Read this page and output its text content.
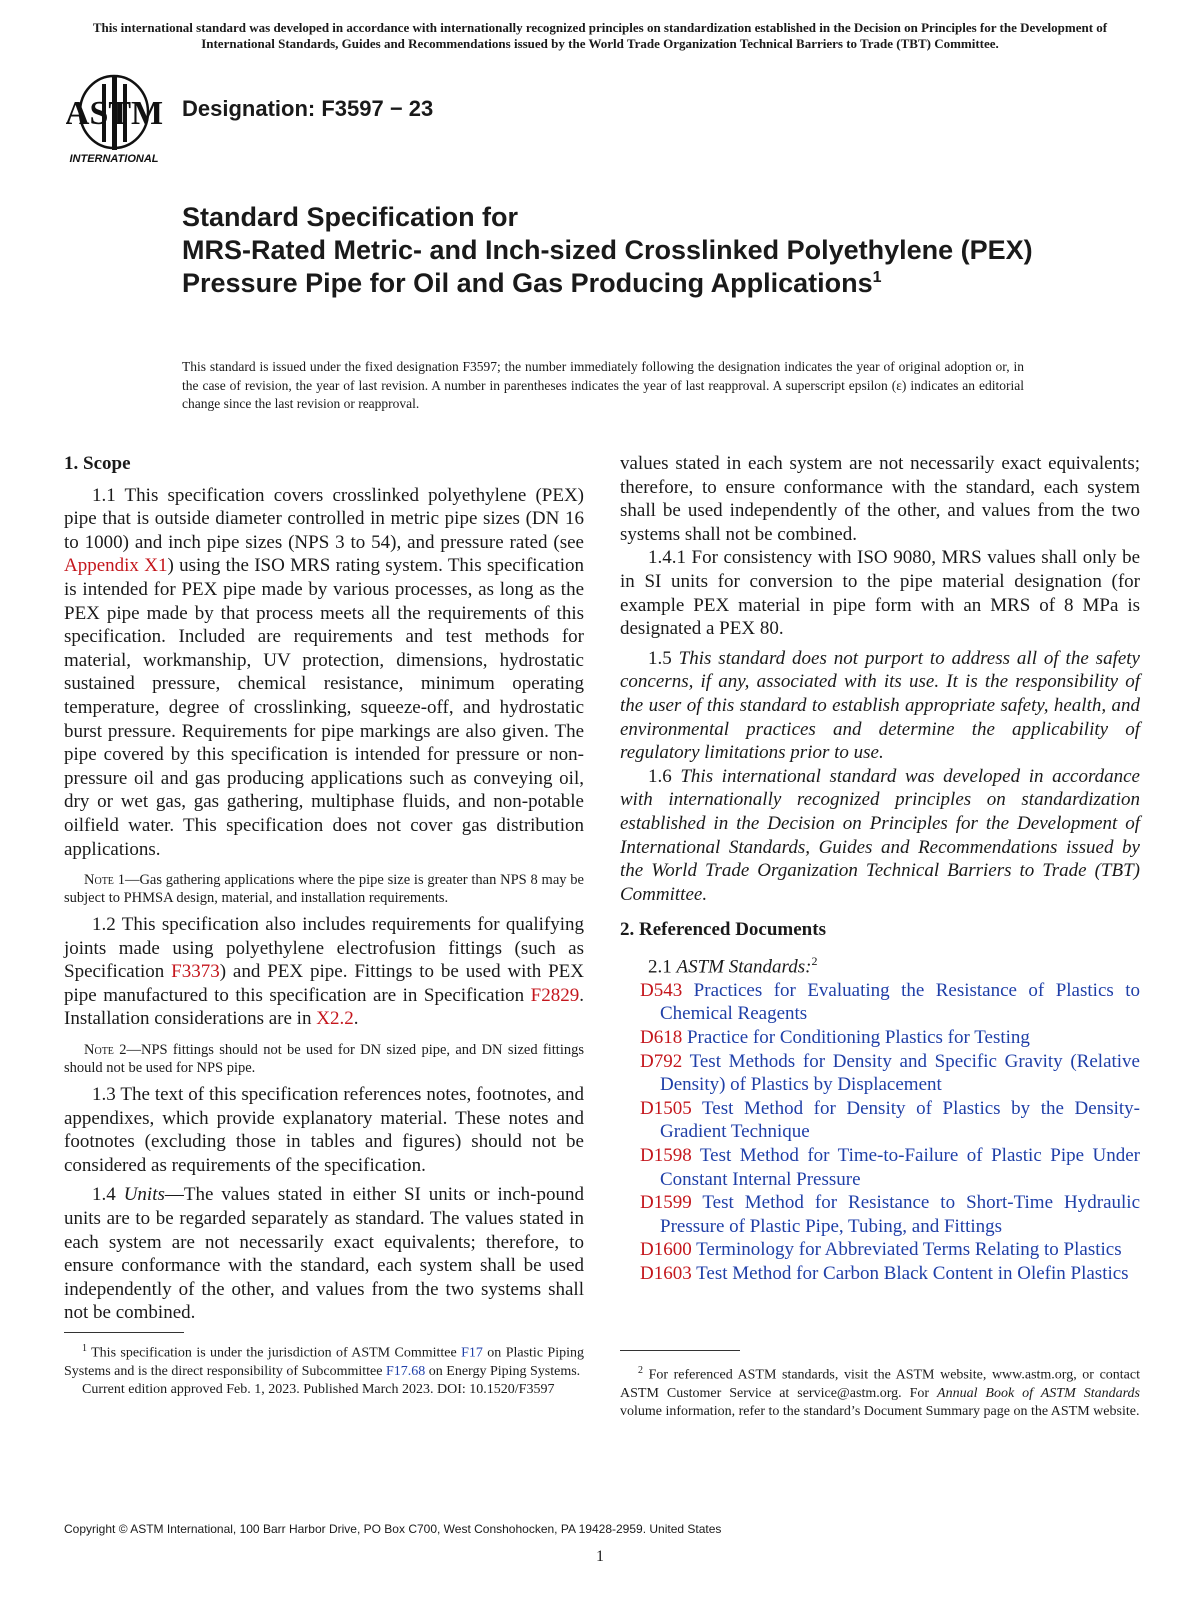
This international standard was developed in accordance with internationally recognized principles on standardization established in the Decision on Principles for the Development of International Standards, Guides and Recommendations issued by the World Trade Organization Technical Barriers to Trade (TBT) Committee.
ASTM
INTERNATIONAL
Designation: F3597 − 23
Standard Specification for
MRS-Rated Metric- and Inch-sized Crosslinked Polyethylene (PEX) Pressure Pipe for Oil and Gas Producing Applications$^1$
This standard is issued under the fixed designation F3597; the number immediately following the designation indicates the year of original adoption or, in the case of revision, the year of last revision. A number in parentheses indicates the year of last reapproval. A superscript epsilon (ε) indicates an editorial change since the last revision or reapproval.
1. Scope

1.1 This specification covers crosslinked polyethylene (PEX) pipe that is outside diameter controlled in metric pipe sizes (DN 16 to 1000) and inch pipe sizes (NPS 3 to 54), and pressure rated (see Appendix X1) using the ISO MRS rating system. This specification is intended for PEX pipe made by various processes, as long as the PEX pipe made by that process meets all the requirements of this specification. Included are requirements and test methods for material, workmanship, UV protection, dimensions, hydrostatic sustained pressure, chemical resistance, minimum operating temperature, degree of crosslinking, squeeze-off, and hydrostatic burst pressure. Requirements for pipe markings are also given. The pipe covered by this specification is intended for pressure or non-pressure oil and gas producing applications such as conveying oil, dry or wet gas, gas gathering, multiphase fluids, and non-potable oilfield water. This specification does not cover gas distribution applications.

Note 1—Gas gathering applications where the pipe size is greater than NPS 8 may be subject to PHMSA design, material, and installation requirements.

1.2 This specification also includes requirements for qualifying joints made using polyethylene electrofusion fittings (such as Specification F3373) and PEX pipe. Fittings to be used with PEX pipe manufactured to this specification are in Specification F2829. Installation considerations are in X2.2.

Note 2—NPS fittings should not be used for DN sized pipe, and DN sized fittings should not be used for NPS pipe.

1.3 The text of this specification references notes, footnotes, and appendixes, which provide explanatory material. These notes and footnotes (excluding those in tables and figures) should not be considered as requirements of the specification.

1.4 Units—The values stated in either SI units or inch-pound units are to be regarded separately as standard. The values stated in each system are not necessarily exact equivalents; therefore, to ensure conformance with the standard, each system shall be used independently of the other, and values from the two systems shall not be combined.

values stated in each system are not necessarily exact equivalents; therefore, to ensure conformance with the standard, each system shall be used independently of the other, and values from the two systems shall not be combined.

1.4.1 For consistency with ISO 9080, MRS values shall only be in SI units for conversion to the pipe material designation (for example PEX material in pipe form with an MRS of 8 MPa is designated a PEX 80.

1.5 This standard does not purport to address all of the safety concerns, if any, associated with its use. It is the responsibility of the user of this standard to establish appropriate safety, health, and environmental practices and determine the applicability of regulatory limitations prior to use.

1.6 This international standard was developed in accordance with internationally recognized principles on standardization established in the Decision on Principles for the Development of International Standards, Guides and Recommendations issued by the World Trade Organization Technical Barriers to Trade (TBT) Committee.

2. Referenced Documents

2.1 ASTM Standards:$^2$

D543 Practices for Evaluating the Resistance of Plastics to Chemical Reagents

D618 Practice for Conditioning Plastics for Testing

D792 Test Methods for Density and Specific Gravity (Relative Density) of Plastics by Displacement

D1505 Test Method for Density of Plastics by the Density-Gradient Technique

D1598 Test Method for Time-to-Failure of Plastic Pipe Under Constant Internal Pressure

D1599 Test Method for Resistance to Short-Time Hydraulic Pressure of Plastic Pipe, Tubing, and Fittings

D1600 Terminology for Abbreviated Terms Relating to Plastics

D1603 Test Method for Carbon Black Content in Olefin Plastics

$^1$ This specification is under the jurisdiction of ASTM Committee F17 on Plastic Piping Systems and is the direct responsibility of Subcommittee F17.68 on Energy Piping Systems.

Current edition approved Feb. 1, 2023. Published March 2023. DOI: 10.1520/F3597

$^2$ For referenced ASTM standards, visit the ASTM website, www.astm.org, or contact ASTM Customer Service at service@astm.org. For Annual Book of ASTM Standards volume information, refer to the standard’s Document Summary page on the ASTM website.

Copyright © ASTM International, 100 Barr Harbor Drive, PO Box C700, West Conshohocken, PA 19428-2959. United States
1
